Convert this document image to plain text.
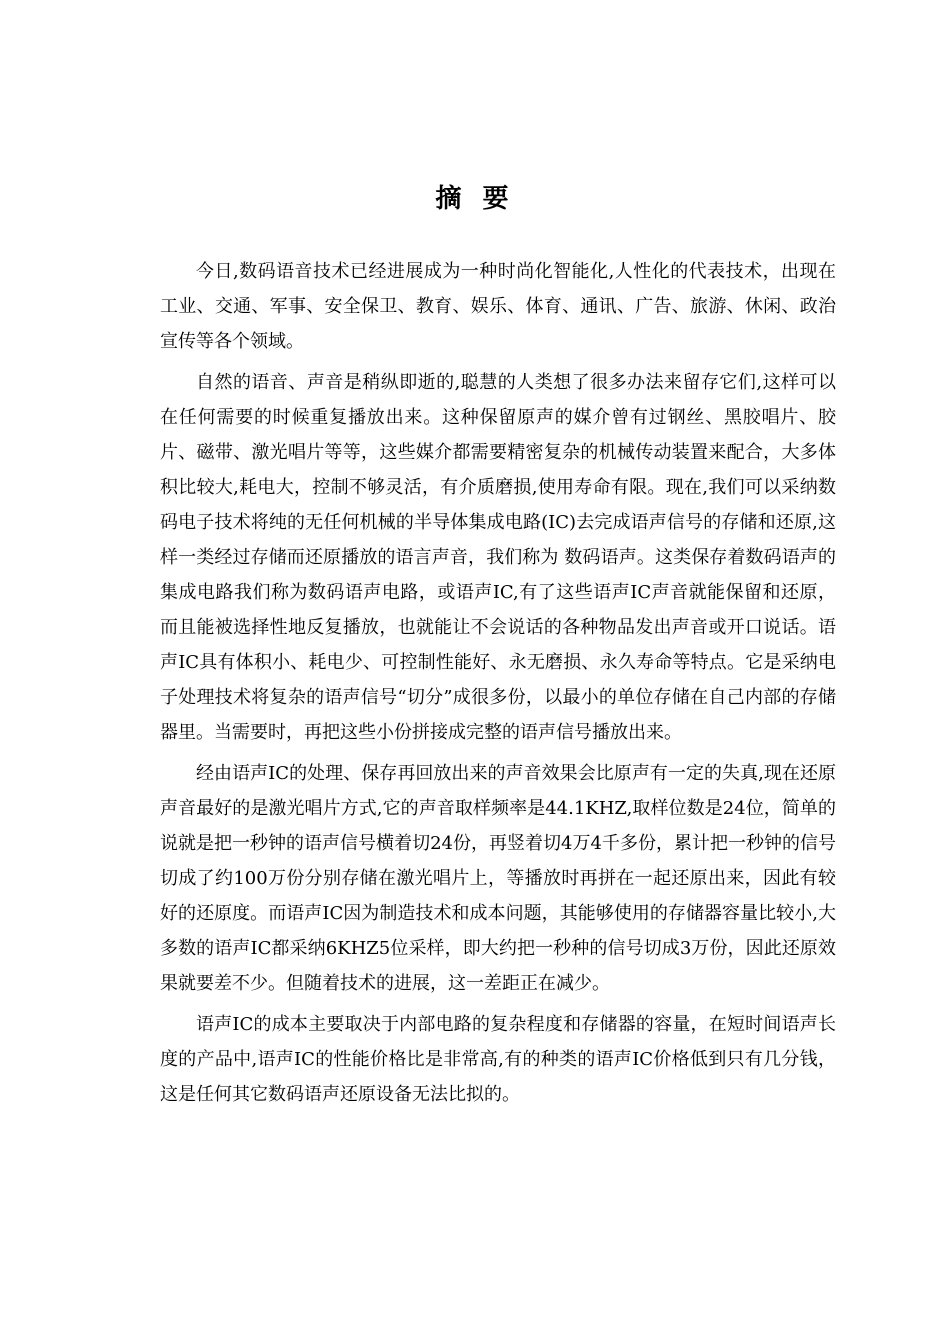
摘 要

今日,数码语音技术已经进展成为一种时尚化智能化,人性化的代表技术，出现在工业、交通、军事、安全保卫、教育、娱乐、体育、通讯、广告、旅游、休闲、政治宣传等各个领域。

自然的语音、声音是稍纵即逝的,聪慧的人类想了很多办法来留存它们,这样可以在任何需要的时候重复播放出来。这种保留原声的媒介曾有过钢丝、黑胶唱片、胶片、磁带、激光唱片等等，这些媒介都需要精密复杂的机械传动装置来配合，大多体积比较大,耗电大，控制不够灵活，有介质磨损,使用寿命有限。现在,我们可以采纳数码电子技术将纯的无任何机械的半导体集成电路(IC)去完成语声信号的存储和还原,这样一类经过存储而还原播放的语言声音，我们称为 数码语声。这类保存着数码语声的集成电路我们称为数码语声电路，或语声IC,有了这些语声IC声音就能保留和还原，而且能被选择性地反复播放，也就能让不会说话的各种物品发出声音或开口说话。语声IC具有体积小、耗电少、可控制性能好、永无磨损、永久寿命等特点。它是采纳电子处理技术将复杂的语声信号“切分”成很多份，以最小的单位存储在自己内部的存储器里。当需要时，再把这些小份拼接成完整的语声信号播放出来。

经由语声IC的处理、保存再回放出来的声音效果会比原声有一定的失真,现在还原声音最好的是激光唱片方式,它的声音取样频率是44.1KHZ,取样位数是24位，简单的说就是把一秒钟的语声信号横着切24份，再竖着切4万4千多份，累计把一秒钟的信号切成了约100万份分别存储在激光唱片上，等播放时再拼在一起还原出来，因此有较好的还原度。而语声IC因为制造技术和成本问题，其能够使用的存储器容量比较小,大多数的语声IC都采纳6KHZ5位采样，即大约把一秒种的信号切成3万份，因此还原效果就要差不少。但随着技术的进展，这一差距正在减少。

语声IC的成本主要取决于内部电路的复杂程度和存储器的容量，在短时间语声长度的产品中,语声IC的性能价格比是非常高,有的种类的语声IC价格低到只有几分钱，这是任何其它数码语声还原设备无法比拟的。
